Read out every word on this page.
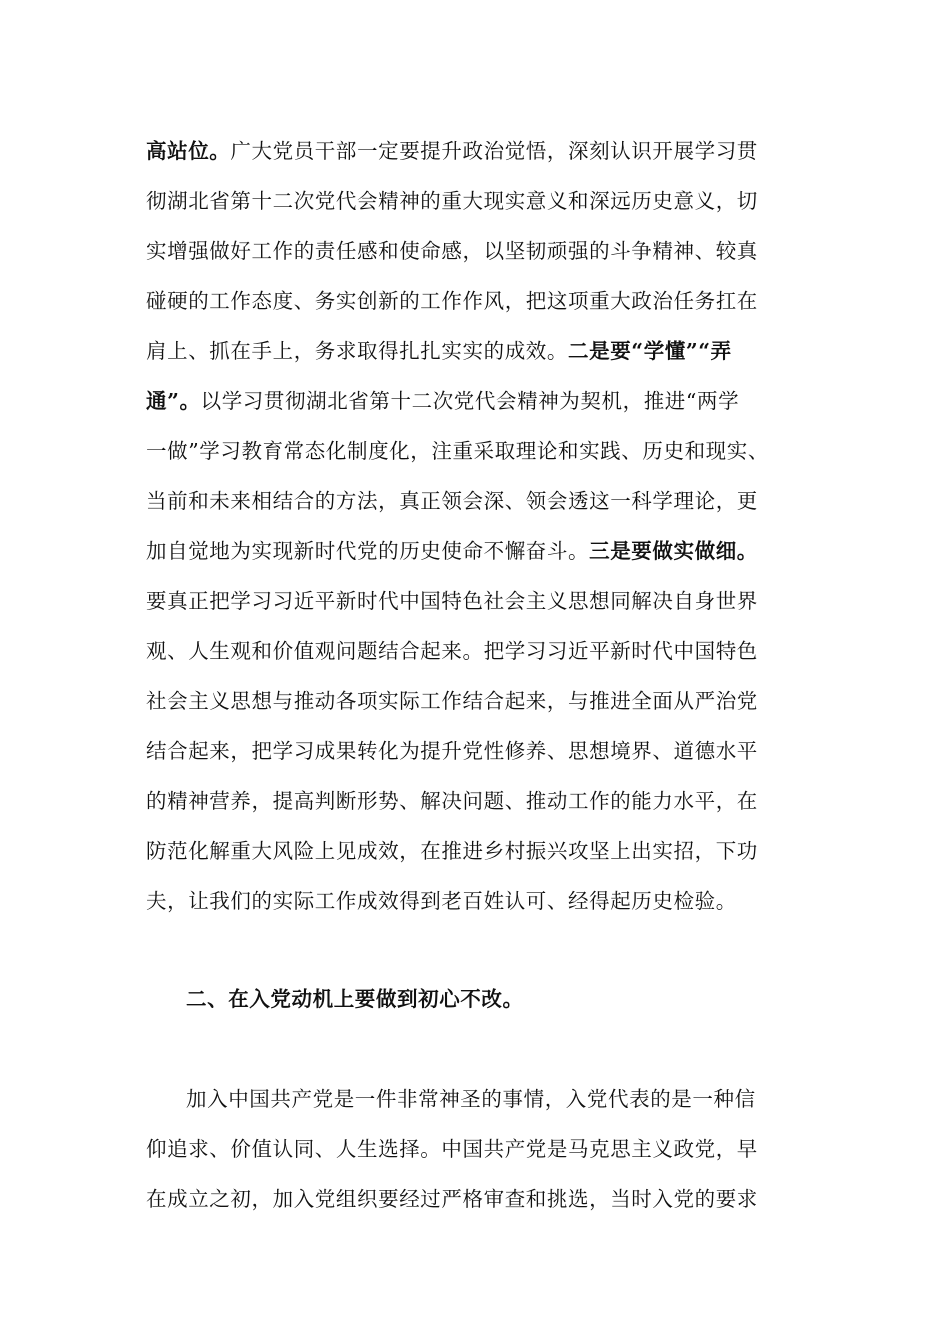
高站位。广大党员干部一定要提升政治觉悟，深刻认识开展学习贯
彻湖北省第十二次党代会精神的重大现实意义和深远历史意义，切
实增强做好工作的责任感和使命感，以坚韧顽强的斗争精神、较真
碰硬的工作态度、务实创新的工作作风，把这项重大政治任务扛在
肩上、抓在手上，务求取得扎扎实实的成效。二是要“学懂”“弄
通”。以学习贯彻湖北省第十二次党代会精神为契机，推进“两学
一做”学习教育常态化制度化，注重采取理论和实践、历史和现实、
当前和未来相结合的方法，真正领会深、领会透这一科学理论，更
加自觉地为实现新时代党的历史使命不懈奋斗。三是要做实做细。
要真正把学习习近平新时代中国特色社会主义思想同解决自身世界
观、人生观和价值观问题结合起来。把学习习近平新时代中国特色
社会主义思想与推动各项实际工作结合起来，与推进全面从严治党
结合起来，把学习成果转化为提升党性修养、思想境界、道德水平
的精神营养，提高判断形势、解决问题、推动工作的能力水平，在
防范化解重大风险上见成效，在推进乡村振兴攻坚上出实招，下功
夫，让我们的实际工作成效得到老百姓认可、经得起历史检验。
二、在入党动机上要做到初心不改。
加入中国共产党是一件非常神圣的事情，入党代表的是一种信
仰追求、价值认同、人生选择。中国共产党是马克思主义政党，早
在成立之初，加入党组织要经过严格审查和挑选，当时入党的要求
